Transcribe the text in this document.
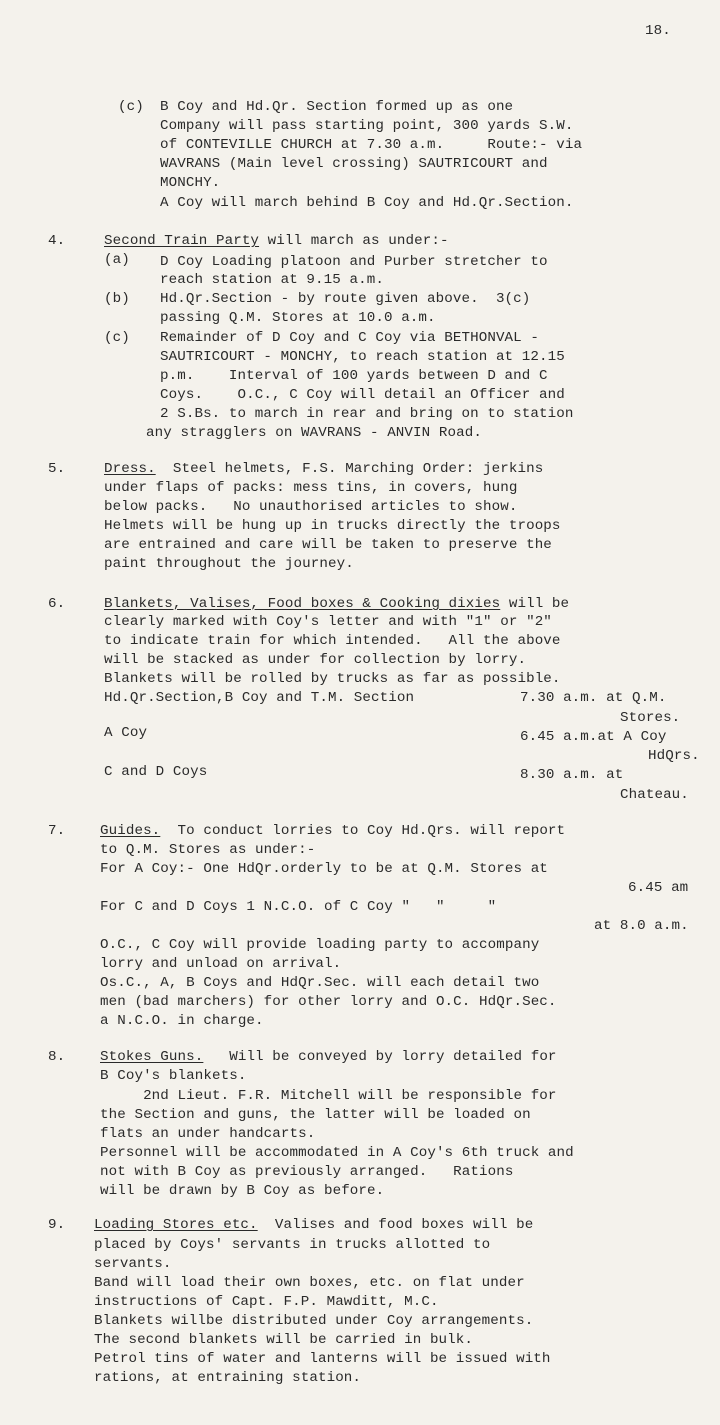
18.
(c) B Coy and Hd.Qr. Section formed up as one
Company will pass starting point, 300 yards S.W.
of CONTEVILLE CHURCH at 7.30 a.m.     Route:- via
WAVRANS (Main level crossing) SAUTRICOURT and
MONCHY.
A Coy will march behind B Coy and Hd.Qr.Section.
4.	Second Train Party will march as under:-
(a) D Coy Loading platoon and Purber stretcher to
reach station at 9.15 a.m.
(b) Hd.Qr.Section - by route given above.  3(c)
passing Q.M. Stores at 10.0 a.m.
(c) Remainder of D Coy and C Coy via BETHONVAL -
SAUTRICOURT - MONCHY, to reach station at 12.15
p.m.    Interval of 100 yards between D and C
Coys.    O.C., C Coy will detail an Officer and
2 S.Bs. to march in rear and bring on to station
any stragglers on WAVRANS - ANVIN Road.
5.	Dress.  Steel helmets, F.S. Marching Order: jerkins
under flaps of packs: mess tins, in covers, hung
below packs.   No unauthorised articles to show.
Helmets will be hung up in trucks directly the troops
are entrained and care will be taken to preserve the
paint throughout the journey.
6.	Blankets, Valises, Food boxes & Cooking dixies will be
clearly marked with Coy's letter and with "1" or "2"
to indicate train for which intended.   All the above
will be stacked as under for collection by lorry.
Blankets will be rolled by trucks as far as possible.
Hd.Qr.Section,B Coy and T.M. Section	7.30 a.m. at Q.M.
Stores.
A Coy	6.45 a.m.at A Coy
HdQrs.
C and D Coys	8.30 a.m. at
Chateau.
7. Guides.  To conduct lorries to Coy Hd.Qrs. will report
to Q.M. Stores as under:-
For A Coy:- One HdQr.orderly to be at Q.M. Stores at
6.45 am
For C and D Coys 1 N.C.O. of C Coy "   "     "
at 8.0 a.m.
O.C., C Coy will provide loading party to accompany
lorry and unload on arrival.
Os.C., A, B Coys and HdQr.Sec. will each detail two
men (bad marchers) for other lorry and O.C. HdQr.Sec.
a N.C.O. in charge.
8. Stokes Guns.   Will be conveyed by lorry detailed for
B Coy's blankets.
2nd Lieut. F.R. Mitchell will be responsible for
the Section and guns, the latter will be loaded on
flats an under handcarts.
Personnel will be accommodated in A Coy's 6th truck and
not with B Coy as previously arranged.   Rations
will be drawn by B Coy as before.
9. Loading Stores etc.  Valises and food boxes will be
placed by Coys' servants in trucks allotted to
servants.
Band will load their own boxes, etc. on flat under
instructions of Capt. F.P. Mawditt, M.C.
Blankets willbe distributed under Coy arrangements.
The second blankets will be carried in bulk.
Petrol tins of water and lanterns will be issued with
rations, at entraining station.
